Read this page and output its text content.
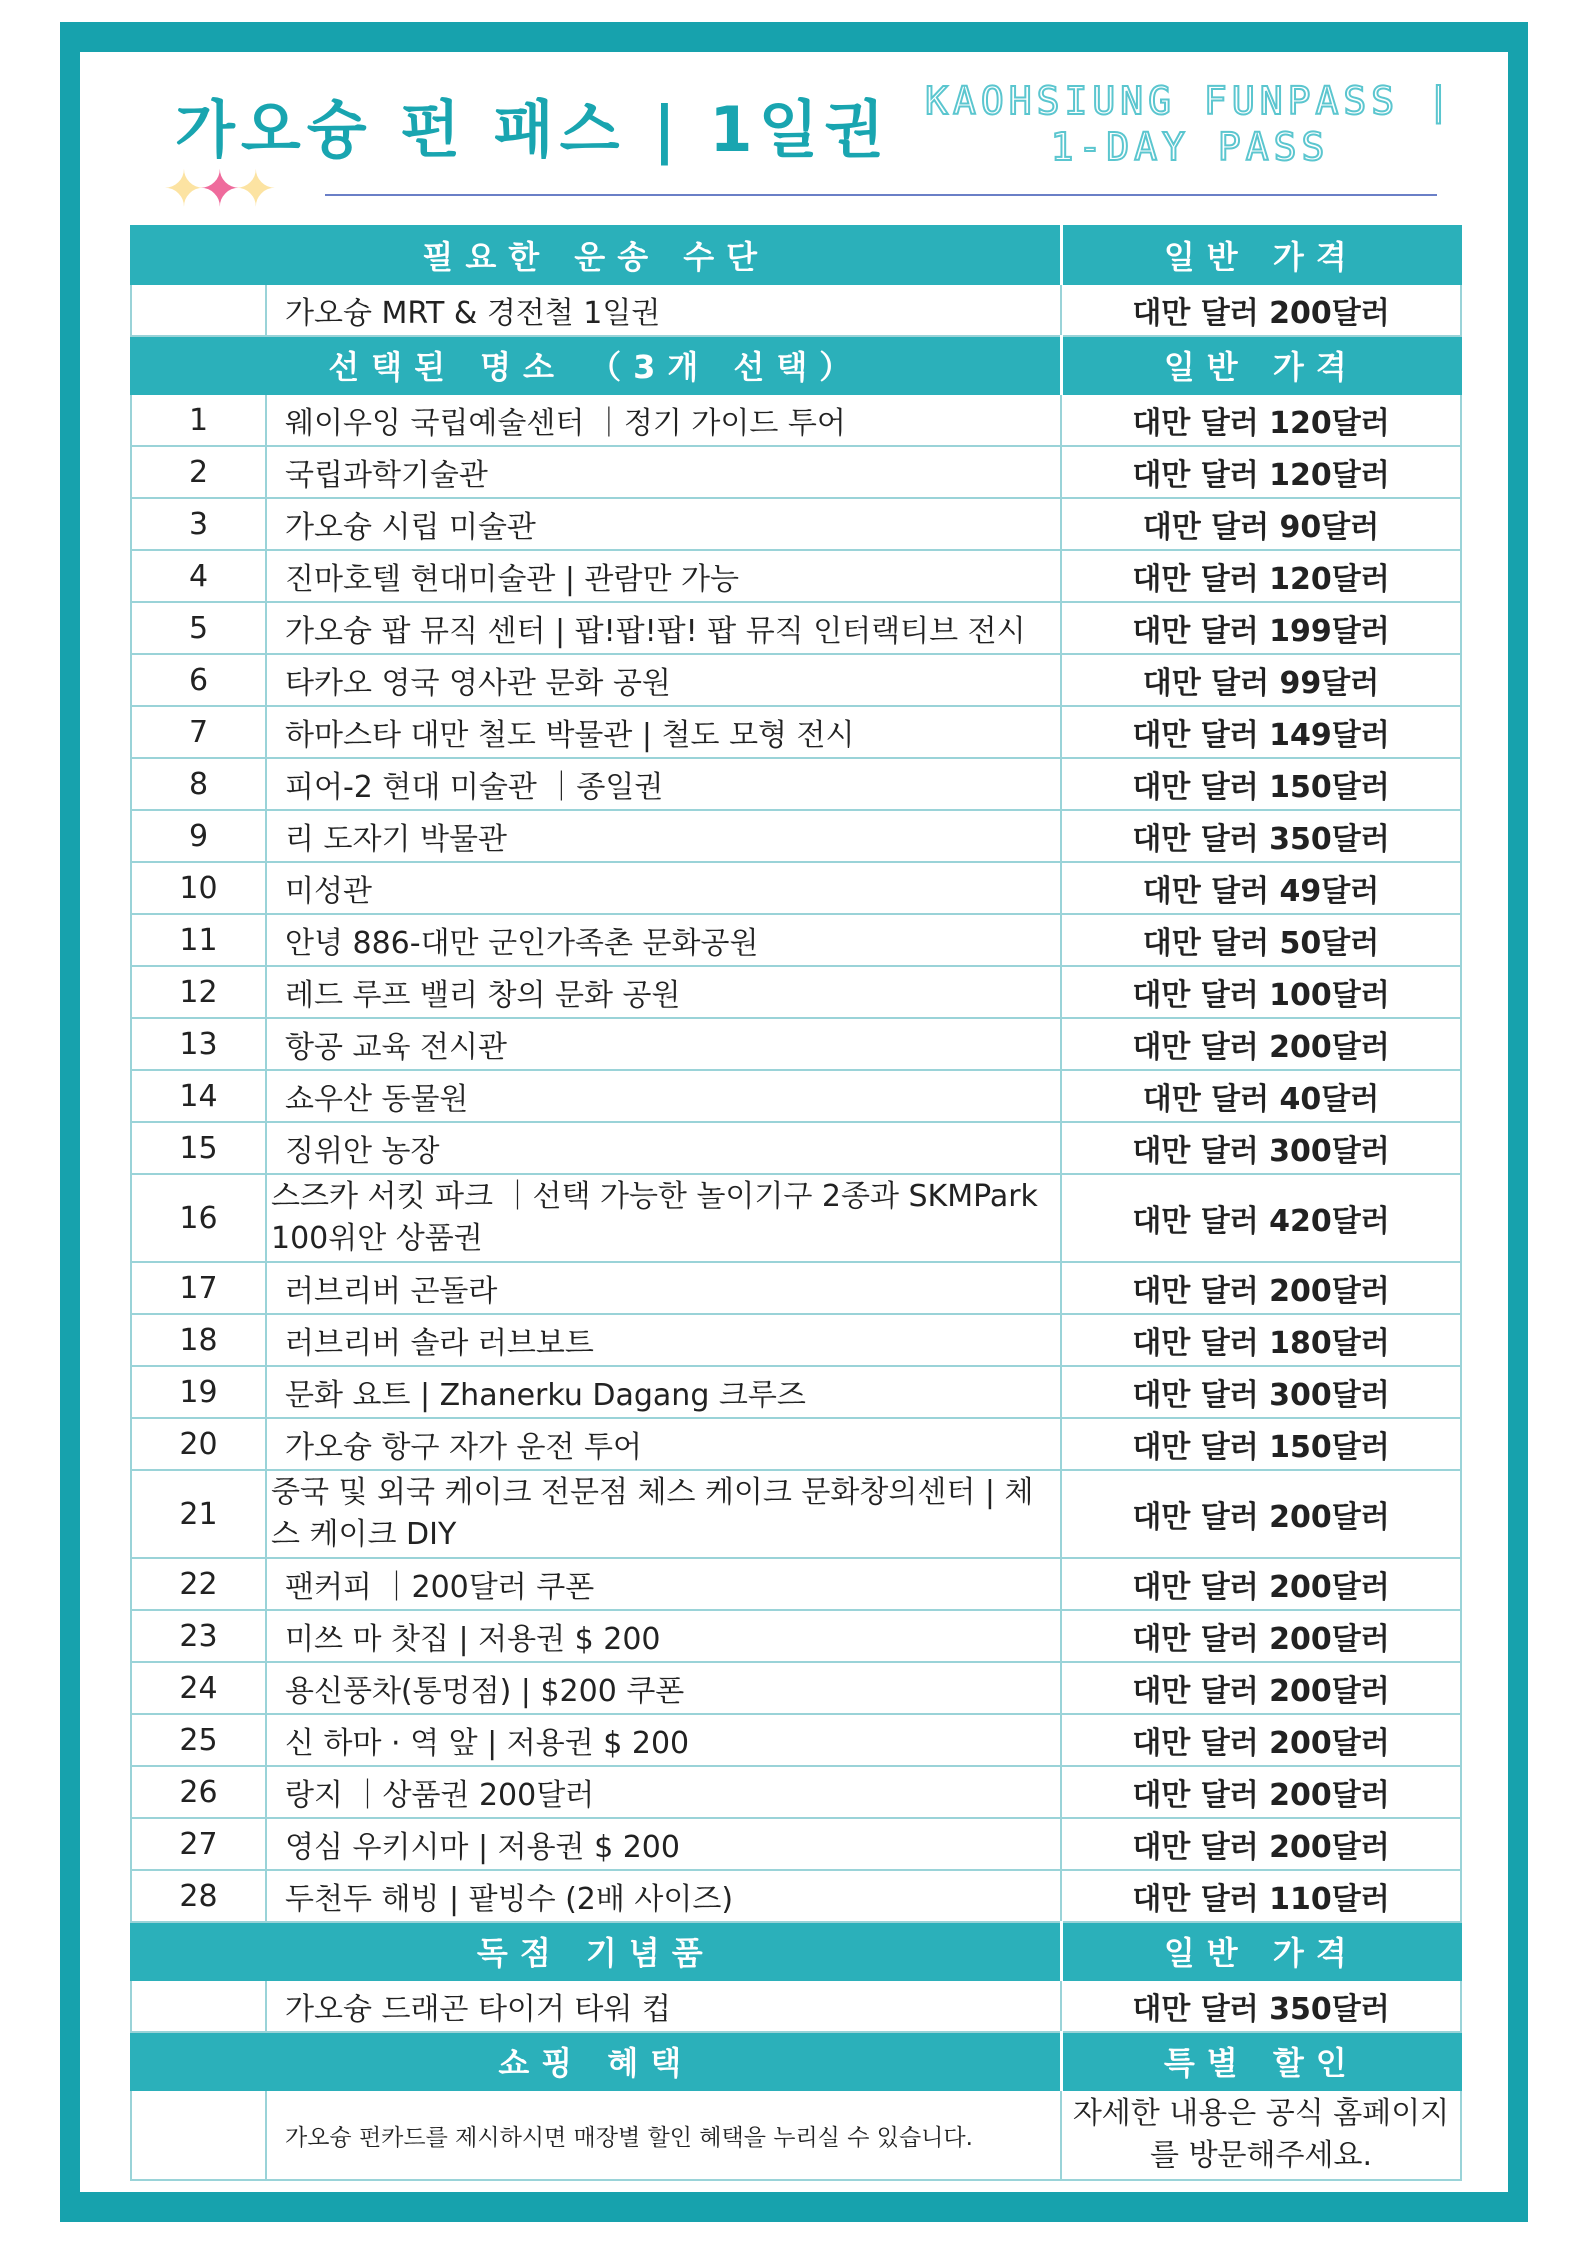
가오슝 펀 패스 | 1일권 KAOHSIUNG FUNPASS |
1-DAY PASS
✦✦✦
필요한 운송 수단		일반 가격
	가오슝 MRT & 경전철 1일권	대만 달러 200달러
선택된 명소 （3개 선택）		일반 가격
1	웨이우잉 국립예술센터 ｜정기 가이드 투어	대만 달러 120달러
2	국립과학기술관	대만 달러 120달러
3	가오슝 시립 미술관	대만 달러 90달러
4	진마호텔 현대미술관 | 관람만 가능	대만 달러 120달러
5	가오슝 팝 뮤직 센터 | 팝!팝!팝! 팝 뮤직 인터랙티브 전시	대만 달러 199달러
6	타카오 영국 영사관 문화 공원	대만 달러 99달러
7	하마스타 대만 철도 박물관 | 철도 모형 전시	대만 달러 149달러
8	피어-2 현대 미술관 ｜종일권	대만 달러 150달러
9	리 도자기 박물관	대만 달러 350달러
10	미성관	대만 달러 49달러
11	안녕 886-대만 군인가족촌 문화공원	대만 달러 50달러
12	레드 루프 밸리 창의 문화 공원	대만 달러 100달러
13	항공 교육 전시관	대만 달러 200달러
14	쇼우산 동물원	대만 달러 40달러
15	징위안 농장	대만 달러 300달러
16	스즈카 서킷 파크 ｜선택 가능한 놀이기구 2종과 SKMPark 100위안 상품권	대만 달러 420달러
17	러브리버 곤돌라	대만 달러 200달러
18	러브리버 솔라 러브보트	대만 달러 180달러
19	문화 요트 | Zhanerku Dagang 크루즈	대만 달러 300달러
20	가오슝 항구 자가 운전 투어	대만 달러 150달러
21	중국 및 외국 케이크 전문점 체스 케이크 문화창의센터 | 체스 케이크 DIY	대만 달러 200달러
22	팬커피 ｜200달러 쿠폰	대만 달러 200달러
23	미쓰 마 찻집 | 저용권 $ 200	대만 달러 200달러
24	용신풍차(통멍점) | $200 쿠폰	대만 달러 200달러
25	신 하마 · 역 앞 | 저용권 $ 200	대만 달러 200달러
26	랑지 ｜상품권 200달러	대만 달러 200달러
27	영심 우키시마 | 저용권 $ 200	대만 달러 200달러
28	두천두 해빙 | 팥빙수 (2배 사이즈)	대만 달러 110달러
독점 기념품		일반 가격
	가오슝 드래곤 타이거 타워 컵	대만 달러 350달러
쇼핑 혜택		특별 할인
	가오슝 펀카드를 제시하시면 매장별 할인 혜택을 누리실 수 있습니다.	자세한 내용은 공식 홈페이지를 방문해주세요.
